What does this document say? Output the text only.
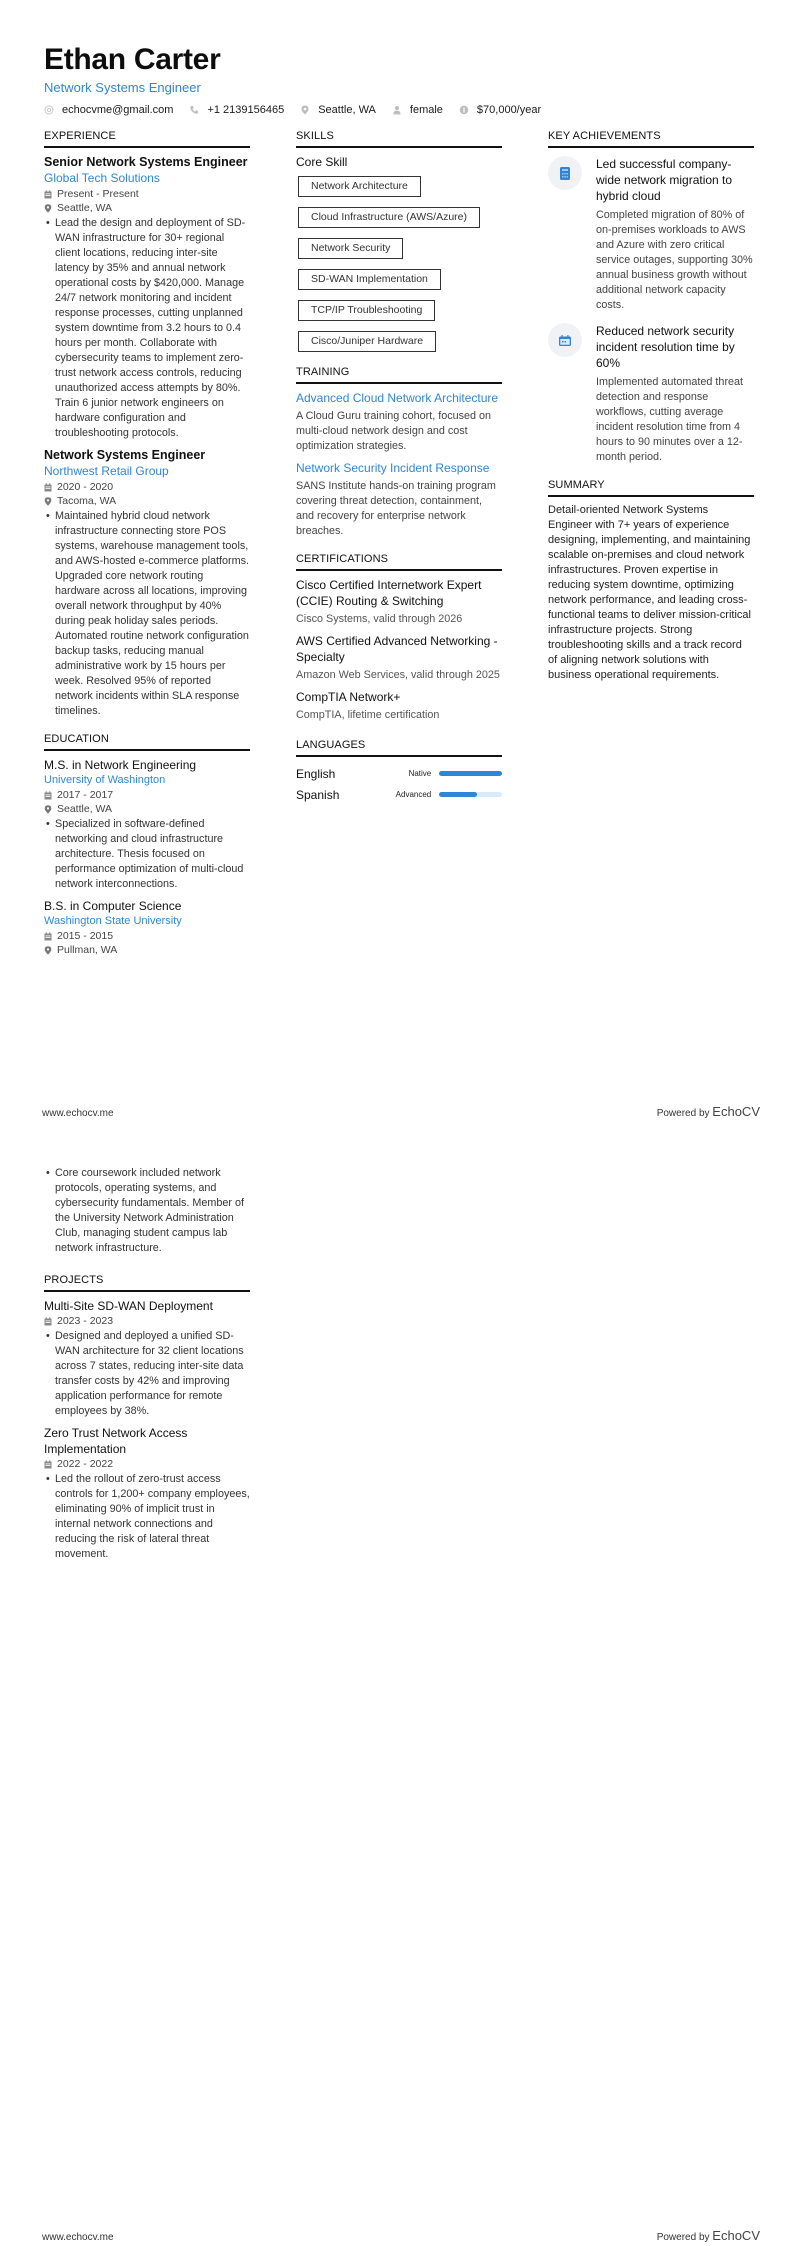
Ethan Carter
Network Systems Engineer
echocvme@gmail.com	+1 2139156465	Seattle, WA	female	$70,000/year
EXPERIENCE
Senior Network Systems Engineer
Global Tech Solutions
Present - Present
Seattle, WA
• Lead the design and deployment of SD-WAN infrastructure for 30+ regional client locations, reducing inter-site latency by 35% and annual network operational costs by $420,000. Manage 24/7 network monitoring and incident response processes, cutting unplanned system downtime from 3.2 hours to 0.4 hours per month. Collaborate with cybersecurity teams to implement zero-trust network access controls, reducing unauthorized access attempts by 80%. Train 6 junior network engineers on hardware configuration and troubleshooting protocols.
Network Systems Engineer
Northwest Retail Group
2020 - 2020
Tacoma, WA
• Maintained hybrid cloud network infrastructure connecting store POS systems, warehouse management tools, and AWS-hosted e-commerce platforms. Upgraded core network routing hardware across all locations, improving overall network throughput by 40% during peak holiday sales periods. Automated routine network configuration backup tasks, reducing manual administrative work by 15 hours per week. Resolved 95% of reported network incidents within SLA response timelines.
EDUCATION
M.S. in Network Engineering
University of Washington
2017 - 2017
Seattle, WA
• Specialized in software-defined networking and cloud infrastructure architecture. Thesis focused on performance optimization of multi-cloud network interconnections.
B.S. in Computer Science
Washington State University
2015 - 2015
Pullman, WA
SKILLS
Core Skill
Network Architecture
Cloud Infrastructure (AWS/Azure)
Network Security
SD-WAN Implementation
TCP/IP Troubleshooting
Cisco/Juniper Hardware
TRAINING
Advanced Cloud Network Architecture
A Cloud Guru training cohort, focused on multi-cloud network design and cost optimization strategies.
Network Security Incident Response
SANS Institute hands-on training program covering threat detection, containment, and recovery for enterprise network breaches.
CERTIFICATIONS
Cisco Certified Internetwork Expert (CCIE) Routing & Switching
Cisco Systems, valid through 2026
AWS Certified Advanced Networking - Specialty
Amazon Web Services, valid through 2025
CompTIA Network+
CompTIA, lifetime certification
LANGUAGES
English	Native
Spanish	Advanced
KEY ACHIEVEMENTS
Led successful company-wide network migration to hybrid cloud
Completed migration of 80% of on-premises workloads to AWS and Azure with zero critical service outages, supporting 30% annual business growth without additional network capacity costs.
Reduced network security incident resolution time by 60%
Implemented automated threat detection and response workflows, cutting average incident resolution time from 4 hours to 90 minutes over a 12-month period.
SUMMARY
Detail-oriented Network Systems Engineer with 7+ years of experience designing, implementing, and maintaining scalable on-premises and cloud network infrastructures. Proven expertise in reducing system downtime, optimizing network performance, and leading cross-functional teams to deliver mission-critical infrastructure projects. Strong troubleshooting skills and a track record of aligning network solutions with business operational requirements.
www.echocv.me	Powered by EchoCV
• Core coursework included network protocols, operating systems, and cybersecurity fundamentals. Member of the University Network Administration Club, managing student campus lab network infrastructure.
PROJECTS
Multi-Site SD-WAN Deployment
2023 - 2023
• Designed and deployed a unified SD-WAN architecture for 32 client locations across 7 states, reducing inter-site data transfer costs by 42% and improving application performance for remote employees by 38%.
Zero Trust Network Access Implementation
2022 - 2022
• Led the rollout of zero-trust access controls for 1,200+ company employees, eliminating 90% of implicit trust in internal network connections and reducing the risk of lateral threat movement.
www.echocv.me	Powered by EchoCV
